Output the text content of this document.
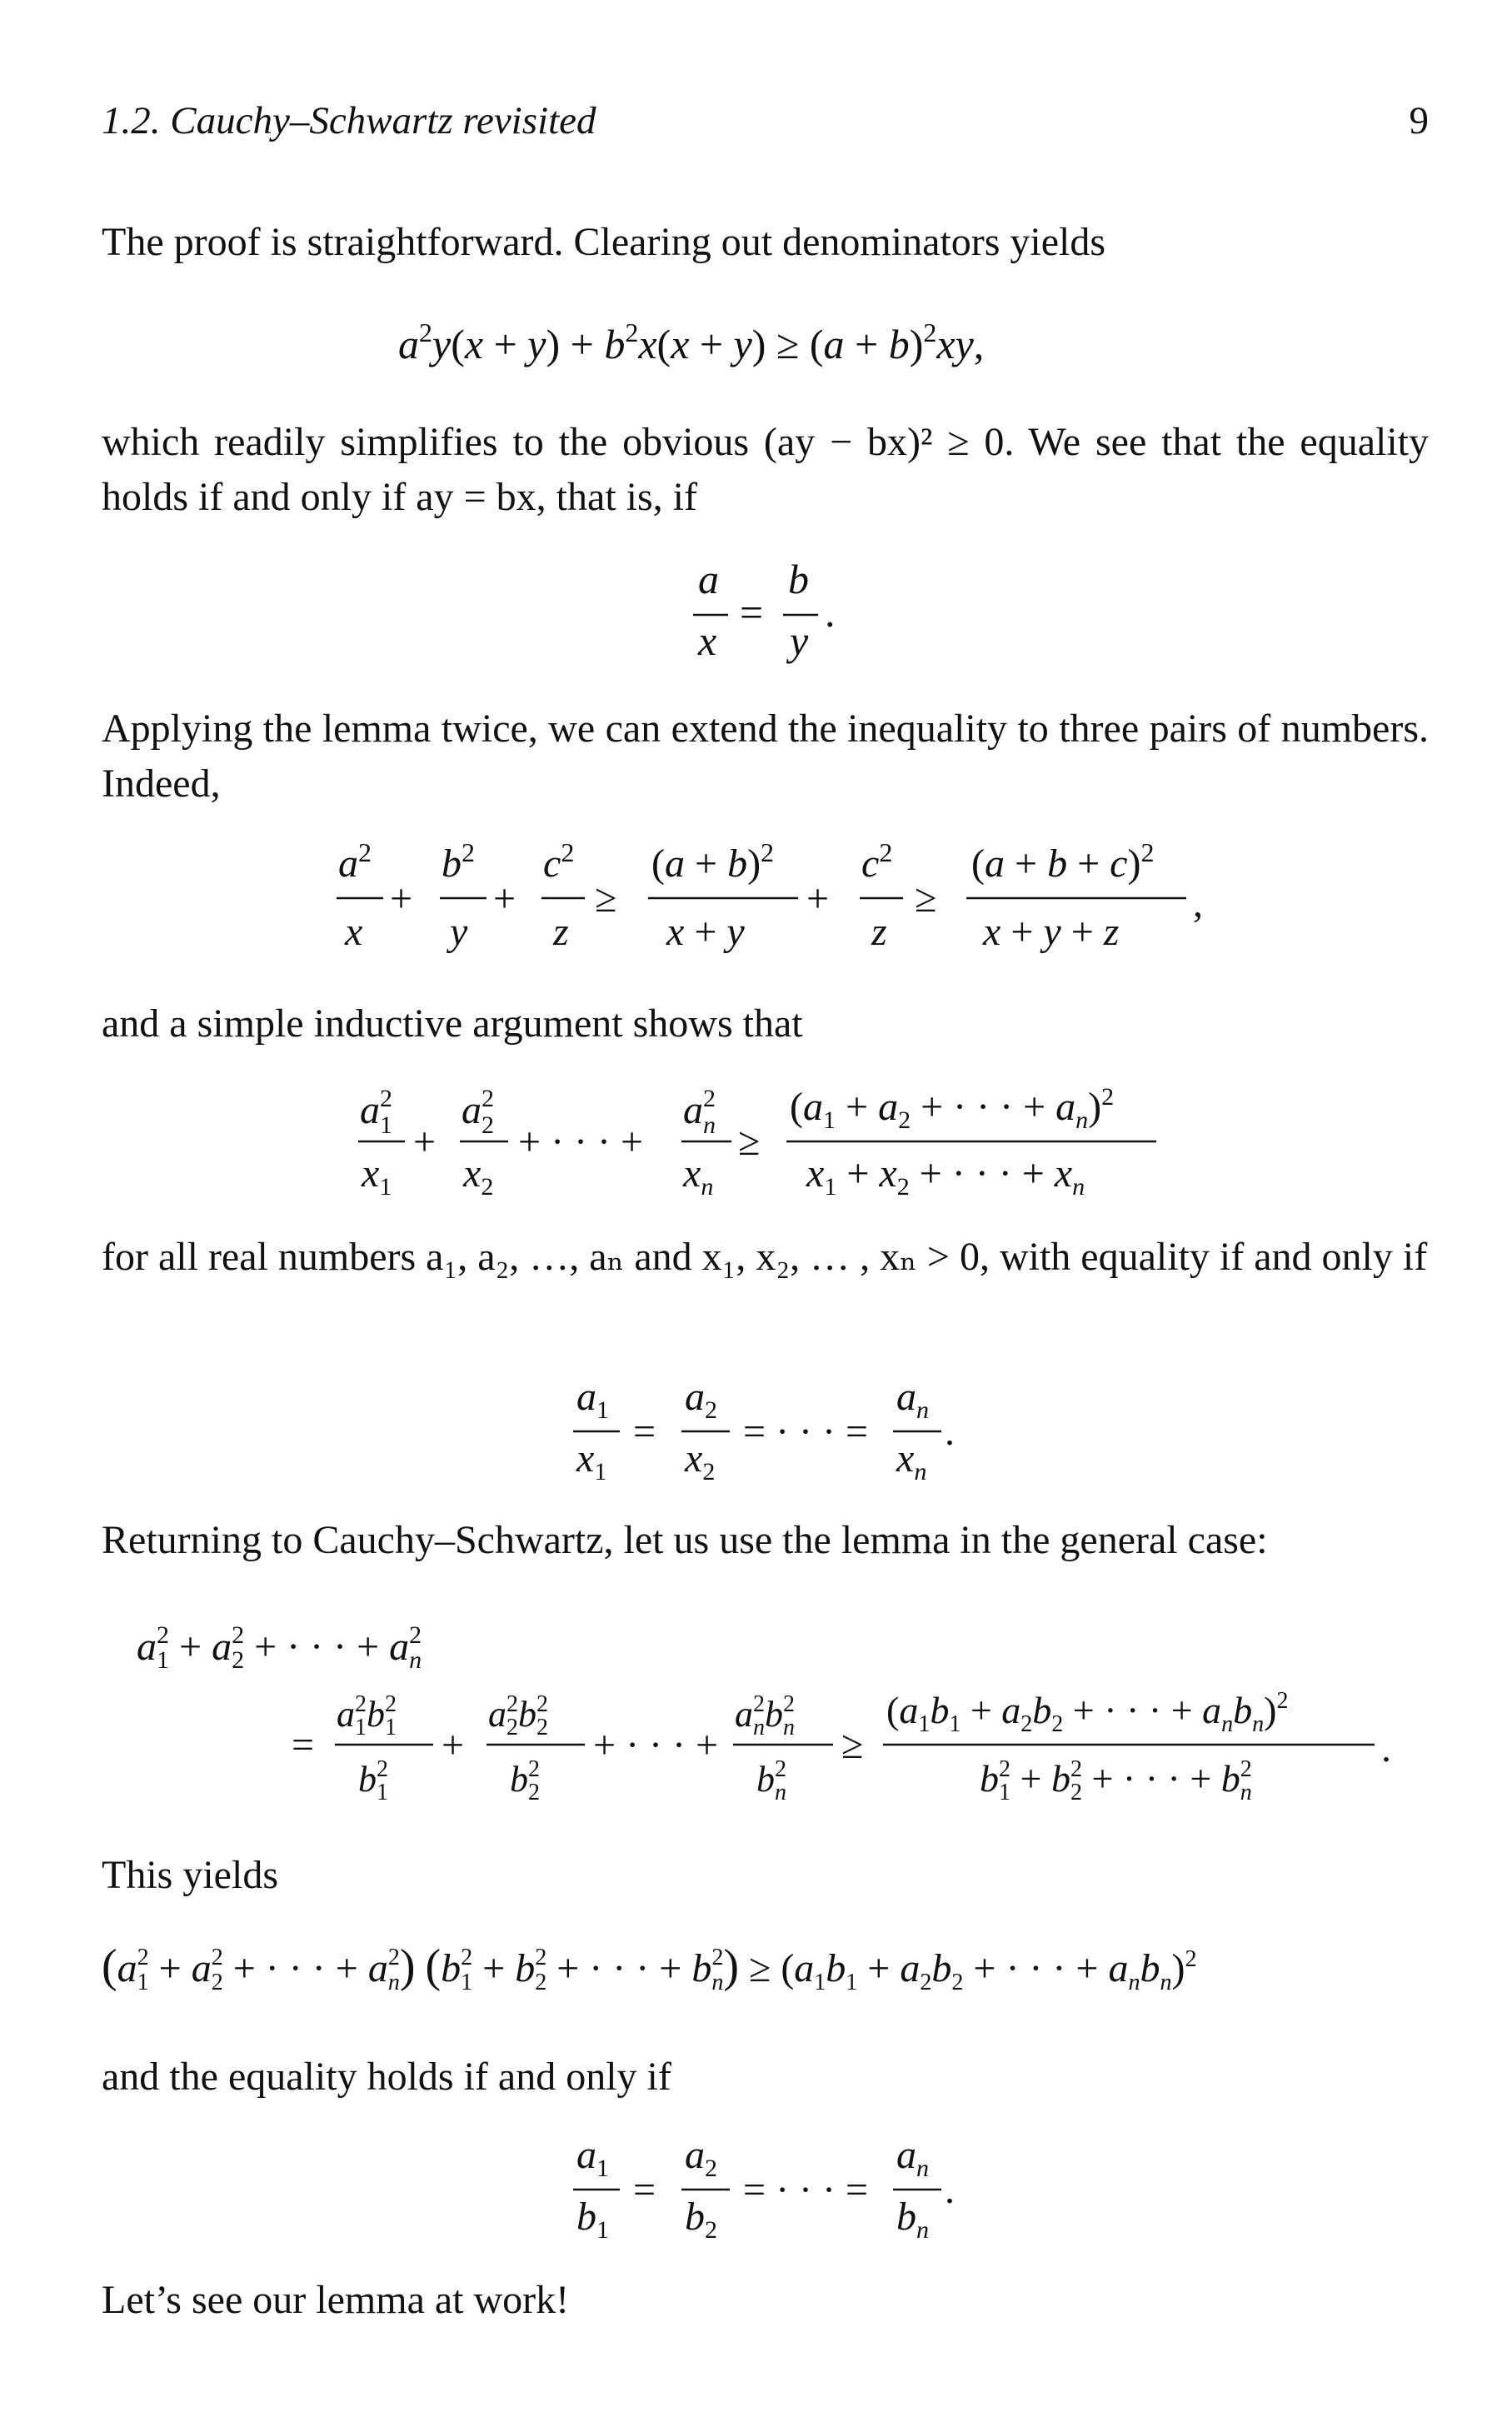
1.2. Cauchy–Schwartz revisited	9

The proof is straightforward. Clearing out denominators yields

$a^2y(x + y) + b^2x(x + y) \ge (a + b)^2xy$,

which readily simplifies to the obvious (ay − bx)² ≥ 0. We see that the equality holds if and only if ay = bx, that is, if

a
x
=
b
y
.

Applying the lemma twice, we can extend the inequality to three pairs of numbers. Indeed,

$a^2$
x
+
$b^2$
y
+
$c^2$
z
≥
$(a + b)^2$
x + y
+
$c^2$
z
≥
$(a + b + c)^2$
x + y + z
,

and a simple inductive argument shows that

$a_12$
$x_1$
+
$a_22$
$x_2$
+ · · · +
$a_n2$
$x_n$
≥
($a_1 + a_2$ + · · · + $a_n)^2$
$x_1 + x_2$ + · · · + $x_n$

for all real numbers a₁, a₂, …, aₙ and x₁, x₂, … , xₙ > 0, with equality if and only if

$a_1$
$x_1$
=
$a_2$
$x_2$
= · · · =
$a_n$
$x_n$
.

Returning to Cauchy–Schwartz, let us use the lemma in the general case:

$a_12 + a_22$ + · · · + $a_n2$
=
$a_12b_12$
$b_12$
+
$a_22b_22$
$b_22$
+ · · · +
$a_n2b_n2$
$b_n2$
≥
($a_1b_1 + a_2b_2$ + · · · + $a_nb_n)^2$
$b_12 + b_22$ + · · · + $b_n2$	.

This yields

($a_12 + a_22$ + · · · + $a_n2$) ($b_12 + b_22$ + · · · + $b_n2) \ge (a_1b_1 + a_2b_2$ + · · · + $a_nb_n)^2$

and the equality holds if and only if

$a_1$
$b_1$
=
$a_2$
$b_2$
= · · · =
$a_n$
$b_n$
.

Let’s see our lemma at work!
